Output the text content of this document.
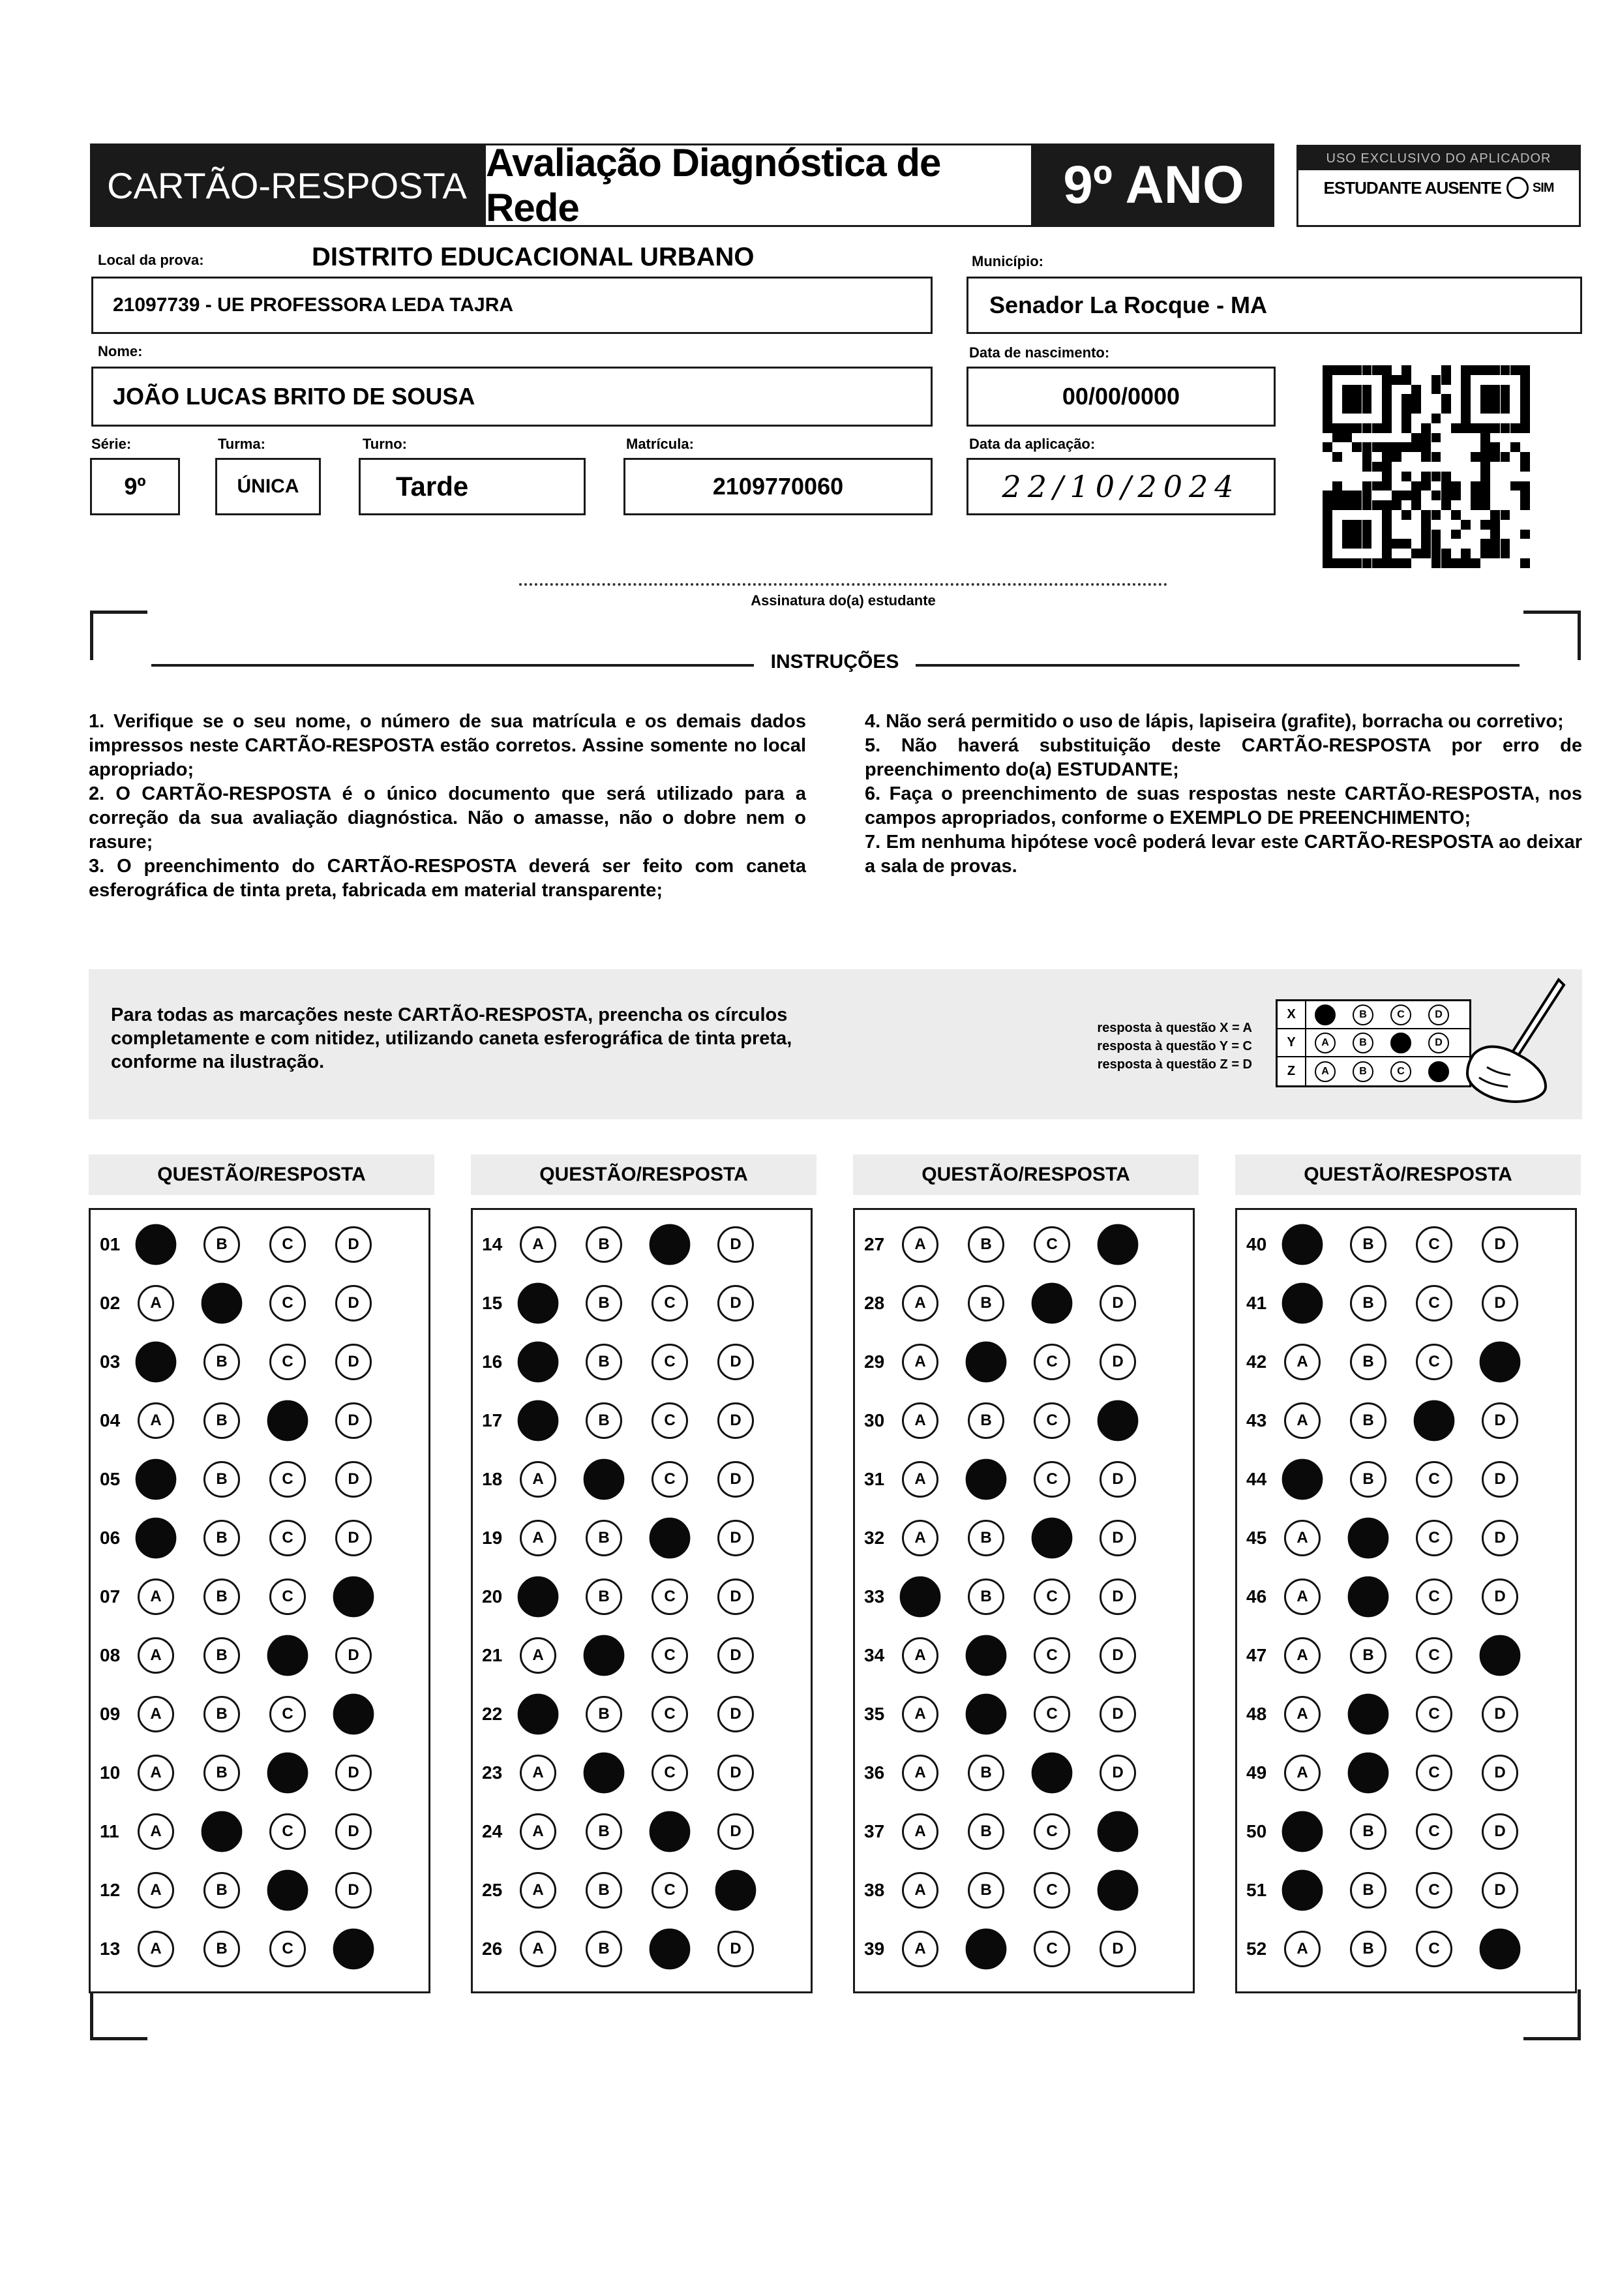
CARTÃO-RESPOSTA
Avaliação Diagnóstica de Rede	9º ANO	USO EXCLUSIVO DO APLICADOR
ESTUDANTE AUSENTE SIM
Local da prova:	DISTRITO EDUCACIONAL URBANO
21097739 - UE PROFESSORA LEDA TAJRA
Município:
Senador La Rocque - MA
Nome:
JOÃO LUCAS BRITO DE SOUSA
Data de nascimento:
00/00/0000
Série:
9º
Turma:
ÚNICA
Turno:
Tarde
Matrícula:
2109770060
Data da aplicação:
22/10/2024
Assinatura do(a) estudante
INSTRUÇÕES

1. Verifique se o seu nome, o número de sua matrícula e os demais dados impressos neste CARTÃO-RESPOSTA estão corretos. Assine somente no local apropriado;

2. O CARTÃO-RESPOSTA é o único documento que será utilizado para a correção da sua avaliação diagnóstica. Não o amasse, não o dobre nem o rasure;

3. O preenchimento do CARTÃO-RESPOSTA deverá ser feito com caneta esferográfica de tinta preta, fabricada em material transparente;

4. Não será permitido o uso de lápis, lapiseira (grafite), borracha ou corretivo;

5. Não haverá substituição deste CARTÃO-RESPOSTA por erro de preenchimento do(a) ESTUDANTE;

6. Faça o preenchimento de suas respostas neste CARTÃO-RESPOSTA, nos campos apropriados, conforme o EXEMPLO DE PREENCHIMENTO;

7. Em nenhuma hipótese você poderá levar este CARTÃO-RESPOSTA ao deixar a sala de provas.

Para todas as marcações neste CARTÃO-RESPOSTA, preencha os círculos completamente e com nitidez, utilizando caneta esferográfica de tinta preta, conforme na ilustração.
resposta à questão X = A
resposta à questão Y = C
resposta à questão Z = D
X	A	B	C	D
Y	A	B	C	D
Z	A	B	C	D
QUESTÃO/RESPOSTA
01	A	B	C	D
02	A	B	C	D
03	A	B	C	D
04	A	B	C	D
05	A	B	C	D
06	A	B	C	D
07	A	B	C	D
08	A	B	C	D
09	A	B	C	D
10	A	B	C	D
11	A	B	C	D
12	A	B	C	D
13	A	B	C	D
QUESTÃO/RESPOSTA
14	A	B	C	D
15	A	B	C	D
16	A	B	C	D
17	A	B	C	D
18	A	B	C	D
19	A	B	C	D
20	A	B	C	D
21	A	B	C	D
22	A	B	C	D
23	A	B	C	D
24	A	B	C	D
25	A	B	C	D
26	A	B	C	D
QUESTÃO/RESPOSTA
27	A	B	C	D
28	A	B	C	D
29	A	B	C	D
30	A	B	C	D
31	A	B	C	D
32	A	B	C	D
33	A	B	C	D
34	A	B	C	D
35	A	B	C	D
36	A	B	C	D
37	A	B	C	D
38	A	B	C	D
39	A	B	C	D
QUESTÃO/RESPOSTA
40	A	B	C	D
41	A	B	C	D
42	A	B	C	D
43	A	B	C	D
44	A	B	C	D
45	A	B	C	D
46	A	B	C	D
47	A	B	C	D
48	A	B	C	D
49	A	B	C	D
50	A	B	C	D
51	A	B	C	D
52	A	B	C	D
